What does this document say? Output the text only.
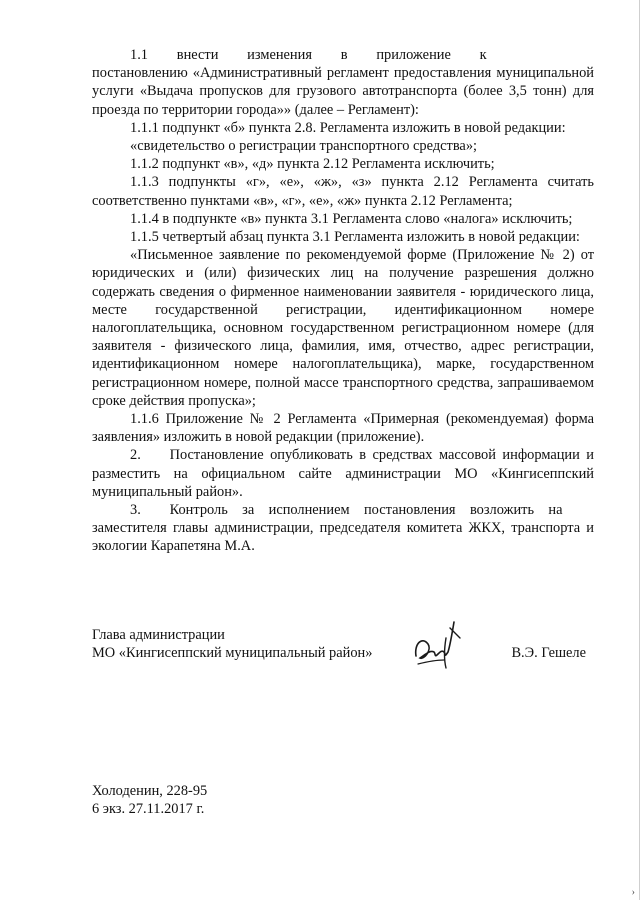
1.1  внести  изменения  в  приложение  к  постановлению «Административный регламент предоставления муниципальной услуги «Выдача пропусков для грузового автотранспорта (более 3,5 тонн) для проезда по территории города»» (далее – Регламент):

1.1.1 подпункт «б» пункта 2.8. Регламента изложить в новой редакции:

«свидетельство о регистрации транспортного средства»;

1.1.2 подпункт «в», «д» пункта 2.12 Регламента исключить;

1.1.3 подпункты «г», «е», «ж», «з» пункта 2.12 Регламента считать соответственно пунктами «в», «г», «е», «ж» пункта 2.12 Регламента;

1.1.4 в подпункте «в» пункта 3.1 Регламента слово «налога» исключить;

1.1.5 четвертый абзац пункта 3.1 Регламента изложить в новой редакции:

«Письменное заявление по рекомендуемой форме (Приложение № 2) от юридических и (или) физических лиц на получение разрешения должно содержать сведения о фирменное наименовании заявителя - юридического лица, месте государственной регистрации, идентификационном номере налогоплательщика, основном государственном регистрационном номере (для заявителя - физического лица, фамилия, имя, отчество, адрес регистрации, идентификационном номере налогоплательщика), марке, государственном регистрационном номере, полной массе транспортного средства, запрашиваемом сроке действия пропуска»;

1.1.6 Приложение № 2 Регламента «Примерная (рекомендуемая) форма заявления» изложить в новой редакции (приложение).

2.  Постановление опубликовать в средствах массовой информации и разместить на официальном сайте администрации МО «Кингисеппский муниципальный район».

3.  Контроль за исполнением постановления возложить на заместителя главы администрации, председателя комитета ЖКХ, транспорта и экологии Карапетяна М.А.

Глава администрации
МО «Кингисеппский муниципальный район»	В.Э. Гешеле
Холоденин, 228-95
6 экз. 27.11.2017 г.
›
